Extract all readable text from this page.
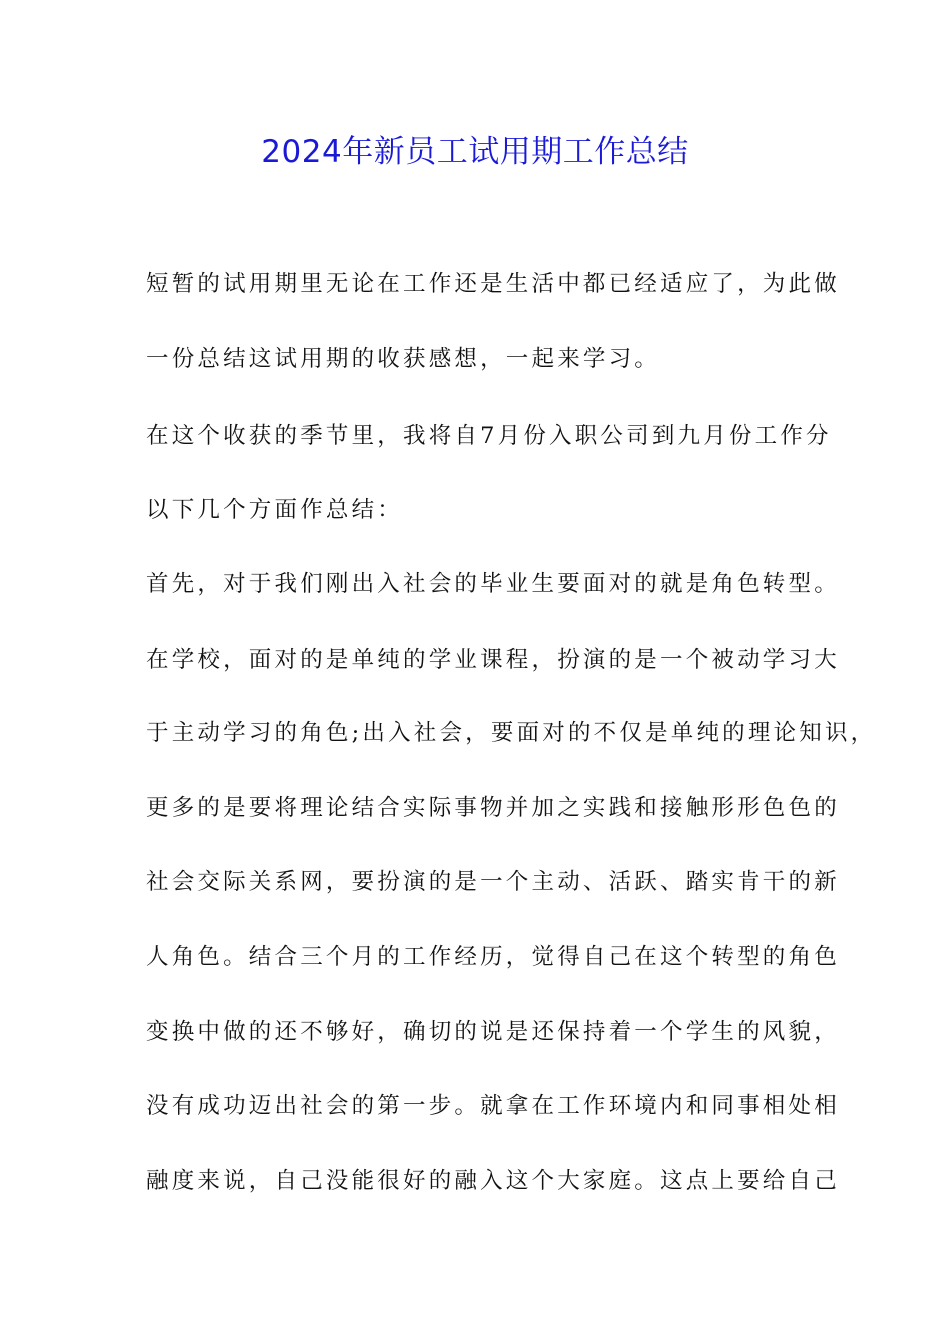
2024年新员工试用期工作总结
短暂的试用期里无论在工作还是生活中都已经适应了，为此做
一份总结这试用期的收获感想，一起来学习。
在这个收获的季节里，我将自7月份入职公司到九月份工作分
以下几个方面作总结：
首先，对于我们刚出入社会的毕业生要面对的就是角色转型。
在学校，面对的是单纯的学业课程，扮演的是一个被动学习大
于主动学习的角色;出入社会，要面对的不仅是单纯的理论知识，
更多的是要将理论结合实际事物并加之实践和接触形形色色的
社会交际关系网，要扮演的是一个主动、活跃、踏实肯干的新
人角色。结合三个月的工作经历，觉得自己在这个转型的角色
变换中做的还不够好，确切的说是还保持着一个学生的风貌，
没有成功迈出社会的第一步。就拿在工作环境内和同事相处相
融度来说，自己没能很好的融入这个大家庭。这点上要给自己
